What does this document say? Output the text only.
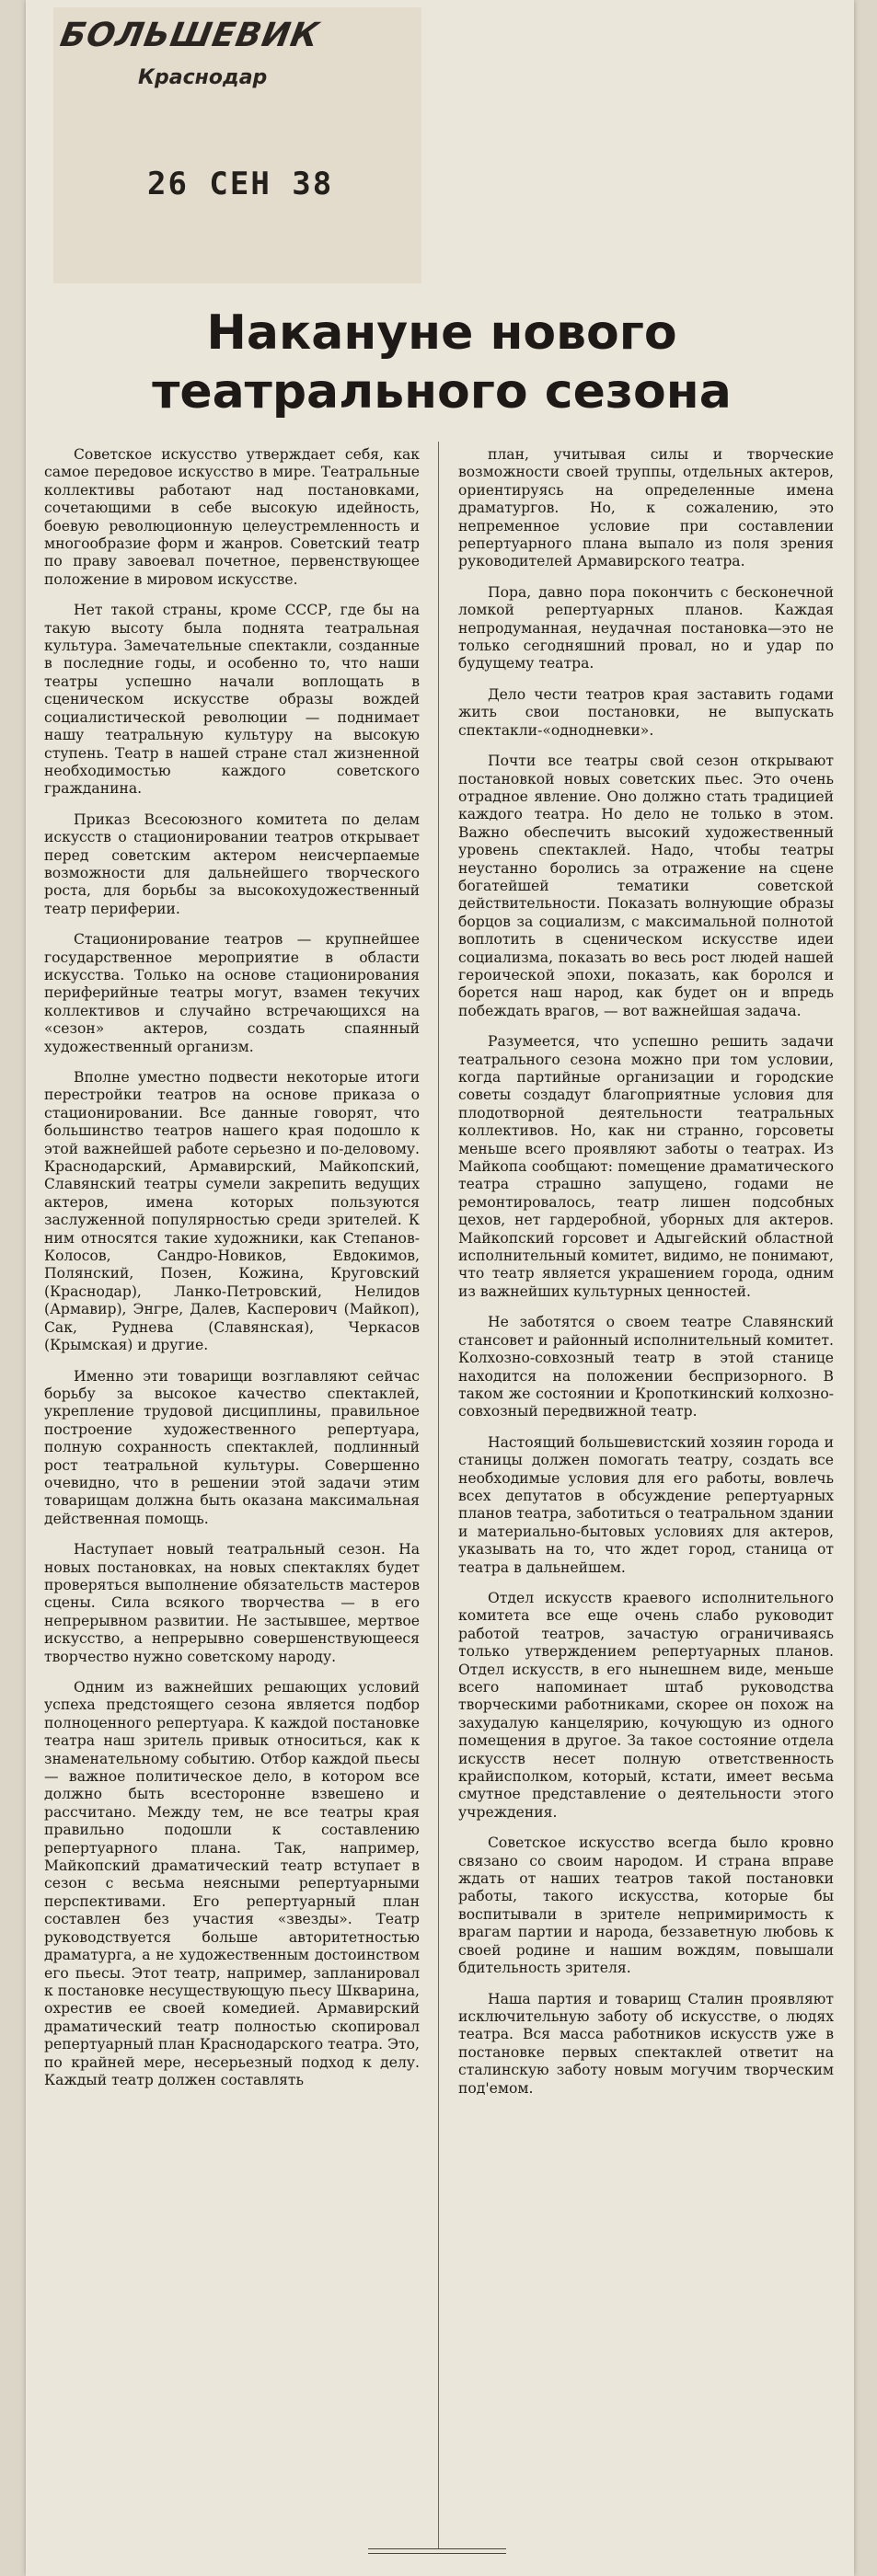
БОЛЬШЕВИК
Краснодар
26 СЕН 38
Накануне нового
театрального сезона

Советское искусство утверждает себя, как самое передовое искусство в мире. Театральные коллективы работают над постановками, сочетающими в себе высокую идейность, боевую революционную целеустремленность и многообразие форм и жанров. Советский театр по праву завоевал почетное, первенствующее положение в мировом искусстве.

Нет такой страны, кроме СССР, где бы на такую высоту была поднята театральная культура. Замечательные спектакли, созданные в последние годы, и особенно то, что наши театры успешно начали воплощать в сценическом искусстве образы вождей социалистической революции — поднимает нашу театральную культуру на высокую ступень. Театр в нашей стране стал жизненной необходимостью каждого советского гражданина.

Приказ Всесоюзного комитета по делам искусств о стационировании театров открывает перед советским актером неисчерпаемые возможности для дальнейшего творческого роста, для борьбы за высокохудожественный театр периферии.

Стационирование театров — крупнейшее государственное мероприятие в области искусства. Только на основе стационирования периферийные театры могут, взамен текучих коллективов и случайно встречающихся на «сезон» актеров, создать спаянный художественный организм.

Вполне уместно подвести некоторые итоги перестройки театров на основе приказа о стационировании. Все данные говорят, что большинство театров нашего края подошло к этой важнейшей работе серьезно и по-деловому. Краснодарский, Армавирский, Майкопский, Славянский театры сумели закрепить ведущих актеров, имена которых пользуются заслуженной популярностью среди зрителей. К ним относятся такие художники, как Степанов-Колосов, Сандро-Новиков, Евдокимов, Полянский, Позен, Кожина, Круговский (Краснодар), Ланко-Петровский, Нелидов (Армавир), Энгре, Далев, Касперович (Майкоп), Сак, Руднева (Славянская), Черкасов (Крымская) и другие.

Именно эти товарищи возглавляют сейчас борьбу за высокое качество спектаклей, укрепление трудовой дисциплины, правильное построение художественного репертуара, полную сохранность спектаклей, подлинный рост театральной культуры. Совершенно очевидно, что в решении этой задачи этим товарищам должна быть оказана максимальная действенная помощь.

Наступает новый театральный сезон. На новых постановках, на новых спектаклях будет проверяться выполнение обязательств мастеров сцены. Сила всякого творчества — в его непрерывном развитии. Не застывшее, мертвое искусство, а непрерывно совершенствующееся творчество нужно советскому народу.

Одним из важнейших решающих условий успеха предстоящего сезона является подбор полноценного репертуара. К каждой постановке театра наш зритель привык относиться, как к знаменательному событию. Отбор каждой пьесы — важное политическое дело, в котором все должно быть всесторонне взвешено и рассчитано. Между тем, не все театры края правильно подошли к составлению репертуарного плана. Так, например, Майкопский драматический театр вступает в сезон с весьма неясными репертуарными перспективами. Его репертуарный план составлен без участия «звезды». Театр руководствуется больше авторитетностью драматурга, а не художественным достоинством его пьесы. Этот театр, например, запланировал к постановке несуществующую пьесу Шкварина, охрестив ее своей комедией. Армавирский драматический театр полностью скопировал репертуарный план Краснодарского театра. Это, по крайней мере, несерьезный подход к делу. Каждый театр должен составлять

план, учитывая силы и творческие возможности своей труппы, отдельных актеров, ориентируясь на определенные имена драматургов. Но, к сожалению, это непременное условие при составлении репертуарного плана выпало из поля зрения руководителей Армавирского театра.

Пора, давно пора покончить с бесконечной ломкой репертуарных планов. Каждая непродуманная, неудачная постановка—это не только сегодняшний провал, но и удар по будущему театра.

Дело чести театров края заставить годами жить свои постановки, не выпускать спектакли-«однодневки».

Почти все театры свой сезон открывают постановкой новых советских пьес. Это очень отрадное явление. Оно должно стать традицией каждого театра. Но дело не только в этом. Важно обеспечить высокий художественный уровень спектаклей. Надо, чтобы театры неустанно боролись за отражение на сцене богатейшей тематики советской действительности. Показать волнующие образы борцов за социализм, с максимальной полнотой воплотить в сценическом искусстве идеи социализма, показать во весь рост людей нашей героической эпохи, показать, как боролся и борется наш народ, как будет он и впредь побеждать врагов, — вот важнейшая задача.

Разумеется, что успешно решить задачи театрального сезона можно при том условии, когда партийные организации и городские советы создадут благоприятные условия для плодотворной деятельности театральных коллективов. Но, как ни странно, горсоветы меньше всего проявляют заботы о театрах. Из Майкопа сообщают: помещение драматического театра страшно запущено, годами не ремонтировалось, театр лишен подсобных цехов, нет гардеробной, уборных для актеров. Майкопский горсовет и Адыгейский областной исполнительный комитет, видимо, не понимают, что театр является украшением города, одним из важнейших культурных ценностей.

Не заботятся о своем театре Славянский стансовет и районный исполнительный комитет. Колхозно-совхозный театр в этой станице находится на положении беспризорного. В таком же состоянии и Кропоткинский колхозно-совхозный передвижной театр.

Настоящий большевистский хозяин города и станицы должен помогать театру, создать все необходимые условия для его работы, вовлечь всех депутатов в обсуждение репертуарных планов театра, заботиться о театральном здании и материально-бытовых условиях для актеров, указывать на то, что ждет город, станица от театра в дальнейшем.

Отдел искусств краевого исполнительного комитета все еще очень слабо руководит работой театров, зачастую ограничиваясь только утверждением репертуарных планов. Отдел искусств, в его нынешнем виде, меньше всего напоминает штаб руководства творческими работниками, скорее он похож на захудалую канцелярию, кочующую из одного помещения в другое. За такое состояние отдела искусств несет полную ответственность крайисполком, который, кстати, имеет весьма смутное представление о деятельности этого учреждения.

Советское искусство всегда было кровно связано со своим народом. И страна вправе ждать от наших театров такой постановки работы, такого искусства, которые бы воспитывали в зрителе непримиримость к врагам партии и народа, беззаветную любовь к своей родине и нашим вождям, повышали бдительность зрителя.

Наша партия и товарищ Сталин проявляют исключительную заботу об искусстве, о людях театра. Вся масса работников искусств уже в постановке первых спектаклей ответит на сталинскую заботу новым могучим творческим под'емом.
